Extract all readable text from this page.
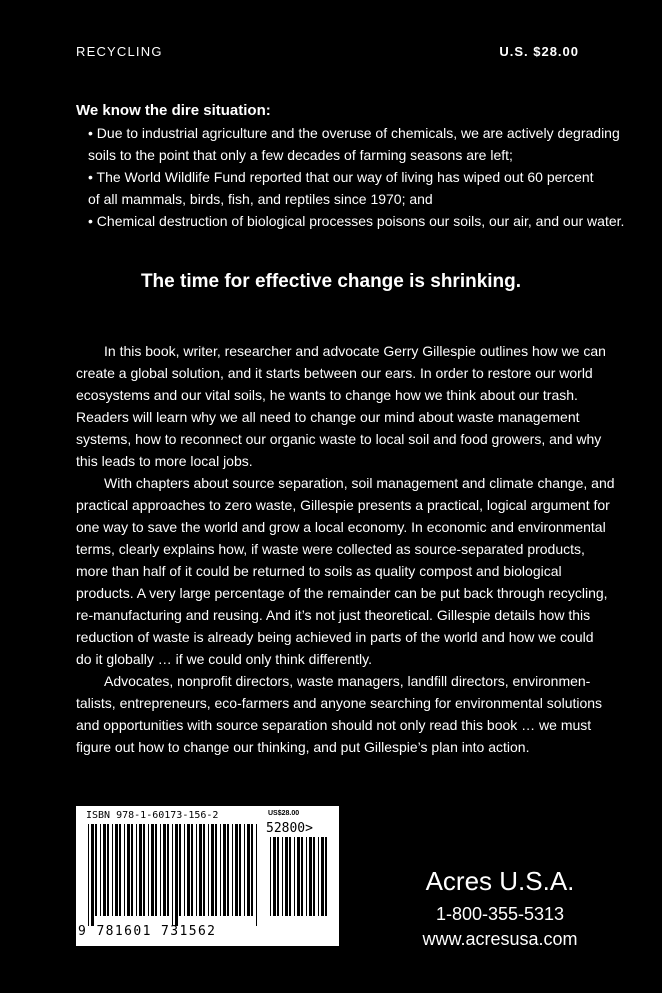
RECYCLING	U.S. $28.00
We know the dire situation:
• Due to industrial agriculture and the overuse of chemicals, we are actively degrading
soils to the point that only a few decades of farming seasons are left;
• The World Wildlife Fund reported that our way of living has wiped out 60 percent
of all mammals, birds, fish, and reptiles since 1970; and
• Chemical destruction of biological processes poisons our soils, our air, and our water.
The time for effective change is shrinking.
In this book, writer, researcher and advocate Gerry Gillespie outlines how we can
create a global solution, and it starts between our ears. In order to restore our world
ecosystems and our vital soils, he wants to change how we think about our trash.
Readers will learn why we all need to change our mind about waste management
systems, how to reconnect our organic waste to local soil and food growers, and why
this leads to more local jobs.
With chapters about source separation, soil management and climate change, and
practical approaches to zero waste, Gillespie presents a practical, logical argument for
one way to save the world and grow a local economy. In economic and environmental
terms, clearly explains how, if waste were collected as source-separated products,
more than half of it could be returned to soils as quality compost and biological
products. A very large percentage of the remainder can be put back through recycling,
re-manufacturing and reusing. And it’s not just theoretical. Gillespie details how this
reduction of waste is already being achieved in parts of the world and how we could
do it globally … if we could only think differently.
Advocates, nonprofit directors, waste managers, landfill directors, environmen-
talists, entrepreneurs, eco-farmers and anyone searching for environmental solutions
and opportunities with source separation should not only read this book … we must
figure out how to change our thinking, and put Gillespie’s plan into action.
ISBN 978-1-60173-156-2	US$28.00
52800>
9 781601 731562
Acres U.S.A.
1-800-355-5313
www.acresusa.com
